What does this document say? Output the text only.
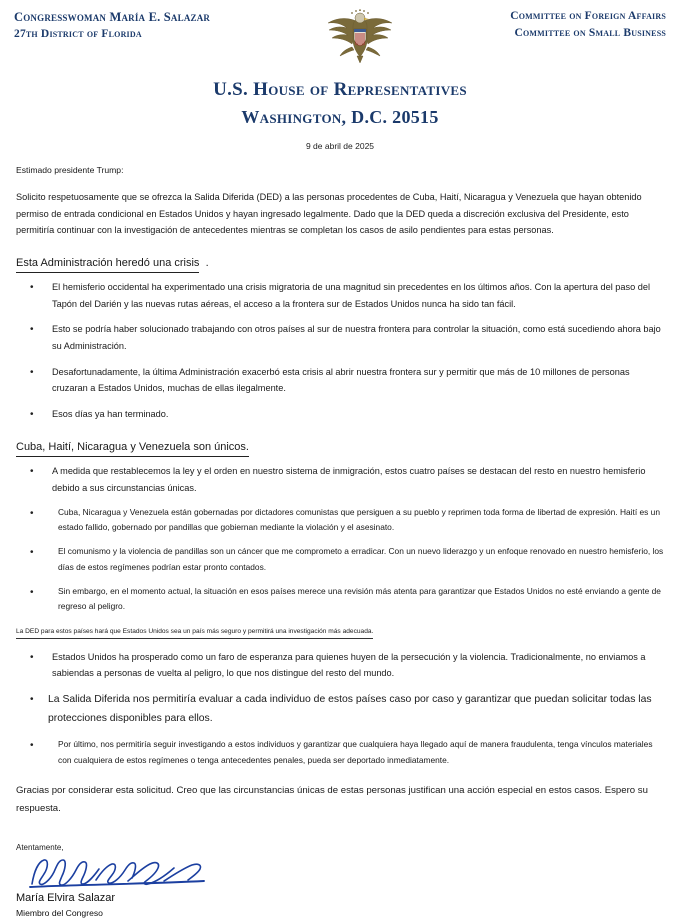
Congresswoman María E. Salazar
27th District of Florida
Committee on Foreign Affairs
Committee on Small Business
U.S. House of Representatives
Washington, D.C. 20515
9 de abril de 2025
Estimado presidente Trump:

Solicito respetuosamente que se ofrezca la Salida Diferida (DED) a las personas procedentes de Cuba, Haití, Nicaragua y Venezuela que hayan obtenido permiso de entrada condicional en Estados Unidos y hayan ingresado legalmente. Dado que la DED queda a discreción exclusiva del Presidente, esto permitiría continuar con la investigación de antecedentes mientras se completan los casos de asilo pendientes para estas personas.

Esta Administración heredó una crisis .
• El hemisferio occidental ha experimentado una crisis migratoria de una magnitud sin precedentes en los últimos años. Con la apertura del paso del Tapón del Darién y las nuevas rutas aéreas, el acceso a la frontera sur de Estados Unidos nunca ha sido tan fácil.
• Esto se podría haber solucionado trabajando con otros países al sur de nuestra frontera para controlar la situación, como está sucediendo ahora bajo su Administración.
• Desafortunadamente, la última Administración exacerbó esta crisis al abrir nuestra frontera sur y permitir que más de 10 millones de personas cruzaran a Estados Unidos, muchas de ellas ilegalmente.
• Esos días ya han terminado.
Cuba, Haití, Nicaragua y Venezuela son únicos.
• A medida que restablecemos la ley y el orden en nuestro sistema de inmigración, estos cuatro países se destacan del resto en nuestro hemisferio debido a sus circunstancias únicas.
• Cuba, Nicaragua y Venezuela están gobernadas por dictadores comunistas que persiguen a su pueblo y reprimen toda forma de libertad de expresión. Haití es un estado fallido, gobernado por pandillas que gobiernan mediante la violación y el asesinato.
• El comunismo y la violencia de pandillas son un cáncer que me comprometo a erradicar. Con un nuevo liderazgo y un enfoque renovado en nuestro hemisferio, los días de estos regímenes podrían estar pronto contados.
• Sin embargo, en el momento actual, la situación en esos países merece una revisión más atenta para garantizar que Estados Unidos no esté enviando a gente de regreso al peligro.
La DED para estos países hará que Estados Unidos sea un país más seguro y permitirá una investigación más adecuada.
• Estados Unidos ha prosperado como un faro de esperanza para quienes huyen de la persecución y la violencia. Tradicionalmente, no enviamos a sabiendas a personas de vuelta al peligro, lo que nos distingue del resto del mundo.
• La Salida Diferida nos permitiría evaluar a cada individuo de estos países caso por caso y garantizar que puedan solicitar todas las protecciones disponibles para ellos.
• Por último, nos permitiría seguir investigando a estos individuos y garantizar que cualquiera haya llegado aquí de manera fraudulenta, tenga vínculos materiales con cualquiera de estos regímenes o tenga antecedentes penales, pueda ser deportado inmediatamente.

Gracias por considerar esta solicitud. Creo que las circunstancias únicas de estas personas justifican una acción especial en estos casos. Espero su respuesta.

Atentamente,
María Elvira Salazar
Miembro del Congreso
